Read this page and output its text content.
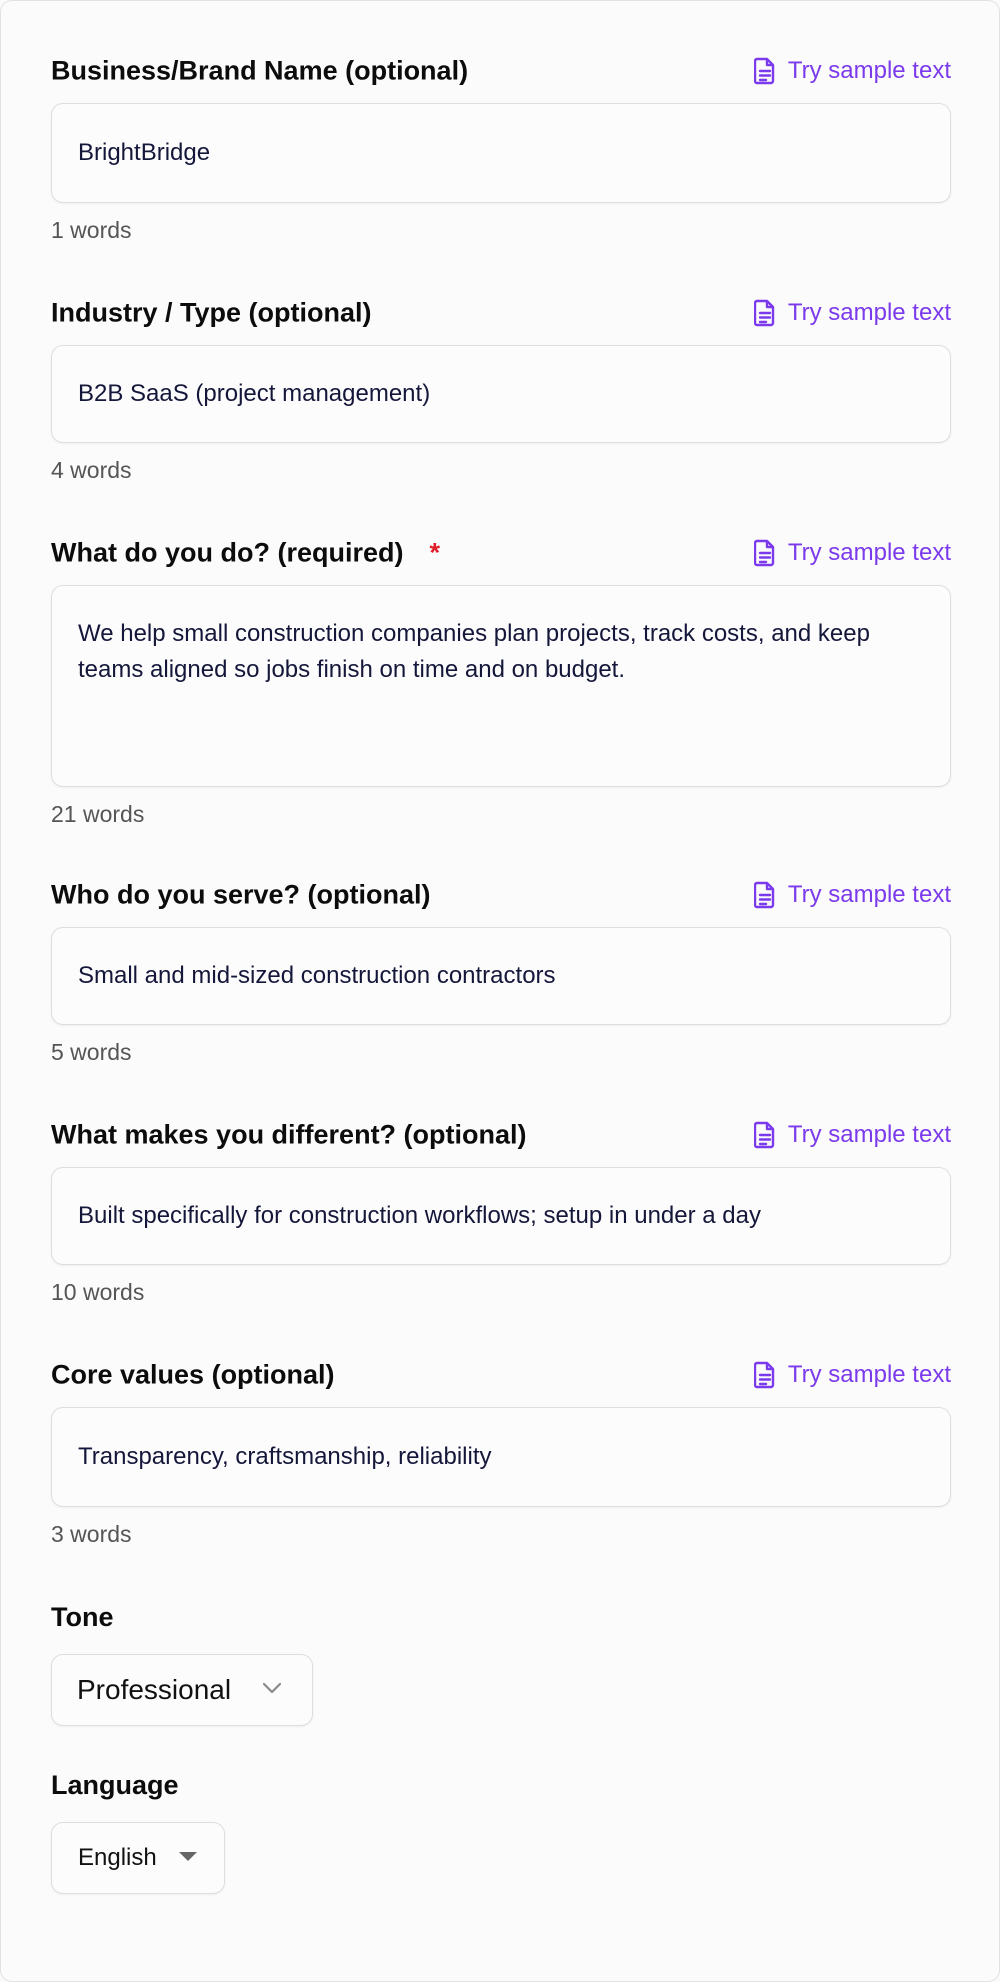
Business/Brand Name (optional)	Try sample text
BrightBridge
1 words
Industry / Type (optional)	Try sample text
B2B SaaS (project management)
4 words
What do you do? (required) *	Try sample text
We help small construction companies plan projects, track costs, and keep teams aligned so jobs finish on time and on budget.
21 words
Who do you serve? (optional)	Try sample text
Small and mid-sized construction contractors
5 words
What makes you different? (optional)	Try sample text
Built specifically for construction workflows; setup in under a day
10 words
Core values (optional)	Try sample text
Transparency, craftsmanship, reliability
3 words
Tone
Professional
Language
English
